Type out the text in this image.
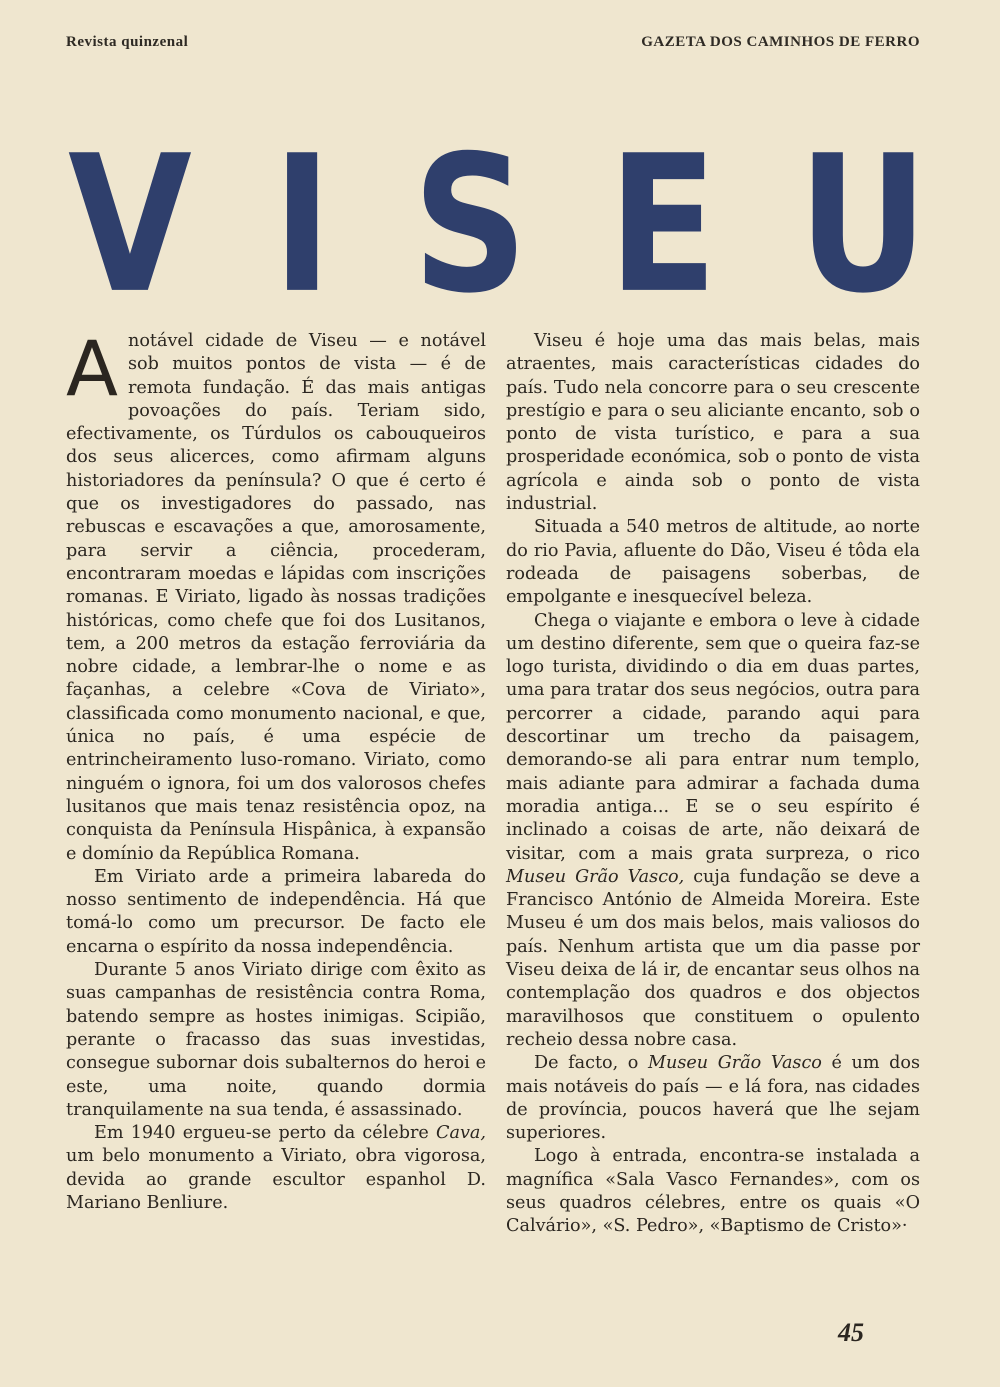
Revista quinzenal	GAZETA DOS CAMINHOS DE FERRO
V I S E U

Anotável cidade de Viseu — e notável sob muitos pontos de vista — é de remota fundação. É das mais antigas povoações do país. Teriam sido, efectivamente, os Túrdulos os cabouqueiros dos seus alicerces, como afirmam alguns historiadores da península? O que é certo é que os investigadores do passado, nas rebuscas e escavações a que, amorosamente, para servir a ciência, procederam, encontraram moedas e lápidas com inscrições romanas. E Viriato, ligado às nossas tradições históricas, como chefe que foi dos Lusitanos, tem, a 200 metros da estação ferroviária da nobre cidade, a lembrar-lhe o nome e as façanhas, a celebre «Cova de Viriato», classificada como monumento nacional, e que, única no país, é uma espécie de entrincheiramento luso-romano. Viriato, como ninguém o ignora, foi um dos valorosos chefes lusitanos que mais tenaz resistência opoz, na conquista da Península Hispânica, à expansão e domínio da República Romana.

Em Viriato arde a primeira labareda do nosso sentimento de independência. Há que tomá-lo como um precursor. De facto ele encarna o espírito da nossa independência.

Durante 5 anos Viriato dirige com êxito as suas campanhas de resistência contra Roma, batendo sempre as hostes inimigas. Scipião, perante o fracasso das suas investidas, consegue subornar dois subalternos do heroi e este, uma noite, quando dormia tranquilamente na sua tenda, é assassinado.

Em 1940 ergueu-se perto da célebre Cava, um belo monumento a Viriato, obra vigorosa, devida ao grande escultor espanhol D. Mariano Benliure.

Viseu é hoje uma das mais belas, mais atraentes, mais características cidades do país. Tudo nela concorre para o seu crescente prestígio e para o seu aliciante encanto, sob o ponto de vista turístico, e para a sua prosperidade económica, sob o ponto de vista agrícola e ainda sob o ponto de vista industrial.

Situada a 540 metros de altitude, ao norte do rio Pavia, afluente do Dão, Viseu é tôda ela rodeada de paisagens soberbas, de empolgante e inesquecível beleza.

Chega o viajante e embora o leve à cidade um destino diferente, sem que o queira faz-se logo turista, dividindo o dia em duas partes, uma para tratar dos seus negócios, outra para percorrer a cidade, parando aqui para descortinar um trecho da paisagem, demorando-se ali para entrar num templo, mais adiante para admirar a fachada duma moradia antiga... E se o seu espírito é inclinado a coisas de arte, não deixará de visitar, com a mais grata surpreza, o rico Museu Grão Vasco, cuja fundação se deve a Francisco António de Almeida Moreira. Este Museu é um dos mais belos, mais valiosos do país. Nenhum artista que um dia passe por Viseu deixa de lá ir, de encantar seus olhos na contemplação dos quadros e dos objectos maravilhosos que constituem o opulento recheio dessa nobre casa.

De facto, o Museu Grão Vasco é um dos mais notáveis do país — e lá fora, nas cidades de província, poucos haverá que lhe sejam superiores.

Logo à entrada, encontra-se instalada a magnífica «Sala Vasco Fernandes», com os seus quadros célebres, entre os quais «O Calvário», «S. Pedro», «Baptismo de Cristo»·

45
